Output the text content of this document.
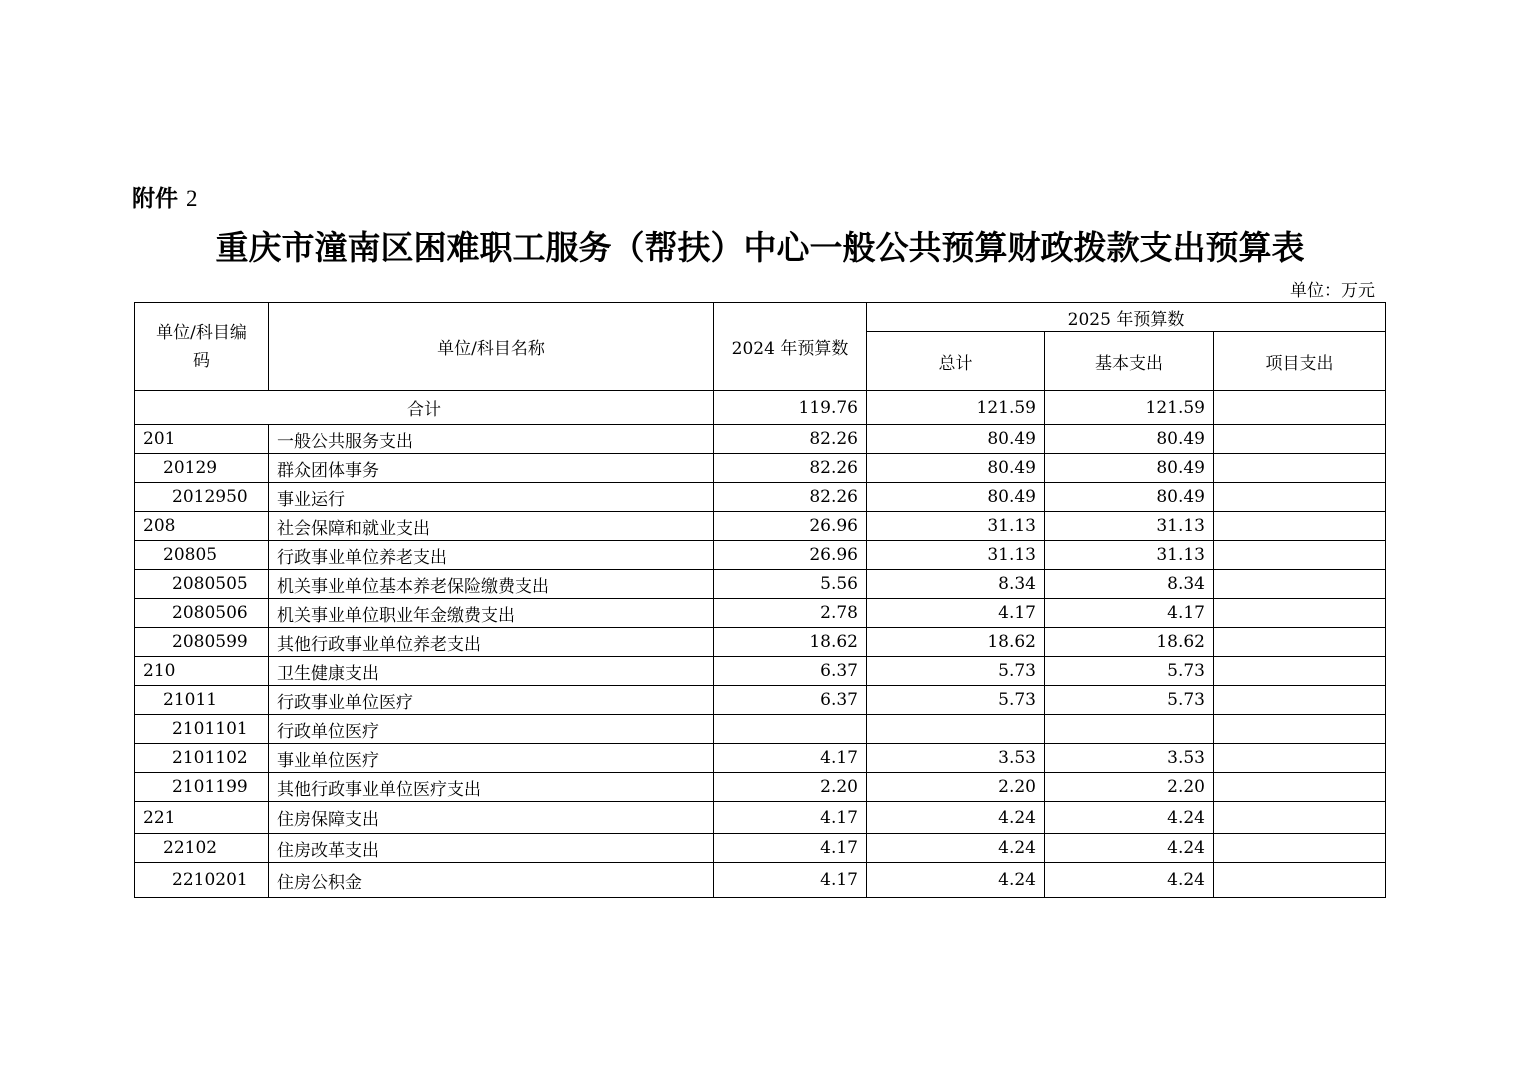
附件 2
重庆市潼南区困难职工服务（帮扶）中心一般公共预算财政拨款支出预算表
单位：万元
单位/科目编码	单位/科目名称	2024 年预算数	2025 年预算数		
			总计	基本支出	项目支出
合计		119.76	121.59	121.59	
201	一般公共服务支出	82.26	80.49	80.49	
20129	群众团体事务	82.26	80.49	80.49	
2012950	事业运行	82.26	80.49	80.49	
208	社会保障和就业支出	26.96	31.13	31.13	
20805	行政事业单位养老支出	26.96	31.13	31.13	
2080505	机关事业单位基本养老保险缴费支出	5.56	8.34	8.34	
2080506	机关事业单位职业年金缴费支出	2.78	4.17	4.17	
2080599	其他行政事业单位养老支出	18.62	18.62	18.62	
210	卫生健康支出	6.37	5.73	5.73	
21011	行政事业单位医疗	6.37	5.73	5.73	
2101101	行政单位医疗				
2101102	事业单位医疗	4.17	3.53	3.53	
2101199	其他行政事业单位医疗支出	2.20	2.20	2.20	
221	住房保障支出	4.17	4.24	4.24	
22102	住房改革支出	4.17	4.24	4.24	
2210201	住房公积金	4.17	4.24	4.24	
